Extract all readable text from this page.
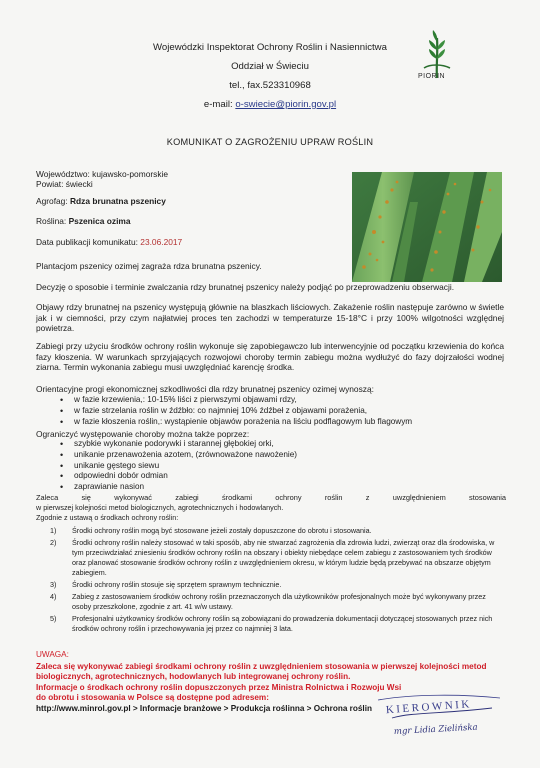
Wojewódzki Inspektorat Ochrony Roślin i Nasiennictwa
Oddział w Świeciu
tel., fax.523310968
e-mail: o-swiecie@piorin.gov.pl
PIORIN
KOMUNIKAT O ZAGROŻENIU UPRAW ROŚLIN
Województwo: kujawsko-pomorskie
Powiat: świecki
Agrofag: Rdza brunatna pszenicy
Roślina: Pszenica ozima
Data publikacji komunikatu: 23.06.2017
Plantacjom pszenicy ozimej zagraża rdza brunatna pszenicy.
Decyzję o sposobie i terminie zwalczania rdzy brunatnej pszenicy należy podjąć po przeprowadzeniu obserwacji.
Objawy rdzy brunatnej na pszenicy występują głównie na blaszkach liściowych. Zakażenie roślin następuje zarówno w świetle jak i w ciemności, przy czym najłatwiej proces ten zachodzi w temperaturze 15-18°C i przy 100% wilgotności względnej powietrza.
Zabiegi przy użyciu środków ochrony roślin wykonuje się zapobiegawczo lub interwencyjnie od początku krzewienia do końca fazy kłoszenia. W warunkach sprzyjających rozwojowi choroby termin zabiegu można wydłużyć do fazy dojrzałości wodnej ziarna. Termin wykonania zabiegu musi uwzględniać karencję środka.
Orientacyjne progi ekonomicznej szkodliwości dla rdzy brunatnej pszenicy ozimej wynoszą:
• w fazie krzewienia,: 10-15% liści z pierwszymi objawami rdzy,
• w fazie strzelania roślin w źdźbło: co najmniej 10% źdźbeł z objawami porażenia,
• w fazie kłoszenia roślin,: wystąpienie objawów porażenia na liściu podflagowym lub flagowym
Ograniczyć występowanie choroby można także poprzez:
• szybkie wykonanie podorywki i starannej głębokiej orki,
• unikanie przenawożenia azotem, (zrównoważone nawożenie)
• unikanie gęstego siewu
• odpowiedni dobór odmian
• zaprawianie nasion
Zaleca się wykonywać zabiegi środkami ochrony roślin z uwzględnieniem stosowania
w pierwszej kolejności metod biologicznych, agrotechnicznych i hodowlanych.
Zgodnie z ustawą o środkach ochrony roślin:
1) Środki ochrony roślin mogą być stosowane jeżeli zostały dopuszczone do obrotu i stosowania.
2) Środki ochrony roślin należy stosować w taki sposób, aby nie stwarzać zagrożenia dla zdrowia ludzi, zwierząt oraz dla środowiska, w tym przeciwdziałać zniesieniu środków ochrony roślin na obszary i obiekty niebędące celem zabiegu z zastosowaniem tych środków oraz planować stosowanie środków ochrony roślin z uwzględnieniem okresu, w którym ludzie będą przebywać na obszarze objętym zabiegiem.
3) Środki ochrony roślin stosuje się sprzętem sprawnym technicznie.
4) Zabieg z zastosowaniem środków ochrony roślin przeznaczonych dla użytkowników profesjonalnych może być wykonywany przez osoby przeszkolone, zgodnie z art. 41 w/w ustawy.
5) Profesjonalni użytkownicy środków ochrony roślin są zobowiązani do prowadzenia dokumentacji dotyczącej stosowanych przez nich środków ochrony roślin i przechowywania jej przez co najmniej 3 lata.
UWAGA:
Zaleca się wykonywać zabiegi środkami ochrony roślin z uwzględnieniem stosowania w pierwszej kolejności metod
biologicznych, agrotechnicznych, hodowlanych lub integrowanej ochrony roślin.
Informacje o środkach ochrony roślin dopuszczonych przez Ministra Rolnictwa i Rozwoju Wsi
do obrotu i stosowania w Polsce są dostępne pod adresem:
http://www.minrol.gov.pl > Informacje branżowe > Produkcja roślinna > Ochrona roślin	KIEROWNIK
mgr Lidia Zielińska
